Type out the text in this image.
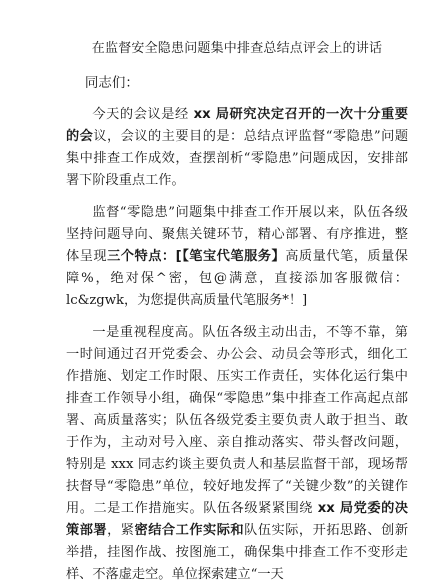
在监督安全隐患问题集中排查总结点评会上的讲话
同志们：
今天的会议是经 xx 局研究决定召开的一次十分重要的会议，会议的主要目的是：总结点评监督“零隐患”问题集中排查工作成效，查摆剖析“零隐患”问题成因，安排部署下阶段重点工作。
监督“零隐患”问题集中排查工作开展以来，队伍各级坚持问题导向、聚焦关键环节，精心部署、有序推进，整体呈现三个特点：[【笔宝代笔服务】高质量代笔，质量保障%，绝对保^密，包@满意，直接添加客服微信：lc&zgwk，为您提供高质量代笔服务*！]
一是重视程度高。队伍各级主动出击，不等不靠，第一时间通过召开党委会、办公会、动员会等形式，细化工作措施、划定工作时限、压实工作责任，实体化运行集中排查工作领导小组，确保“零隐患”集中排查工作高起点部署、高质量落实；队伍各级党委主要负责人敢于担当、敢于作为，主动对号入座、亲自推动落实、带头督改问题，特别是 xxx 同志约谈主要负责人和基层监督干部，现场帮扶督导“零隐患”单位，较好地发挥了“关键少数”的关键作用。二是工作措施实。队伍各级紧紧围绕 xx 局党委的决策部署，紧密结合工作实际和队伍实际，开拓思路、创新举措，挂图作战、按图施工，确保集中排查工作不变形走样、不落虚走空。单位探索建立“一天
